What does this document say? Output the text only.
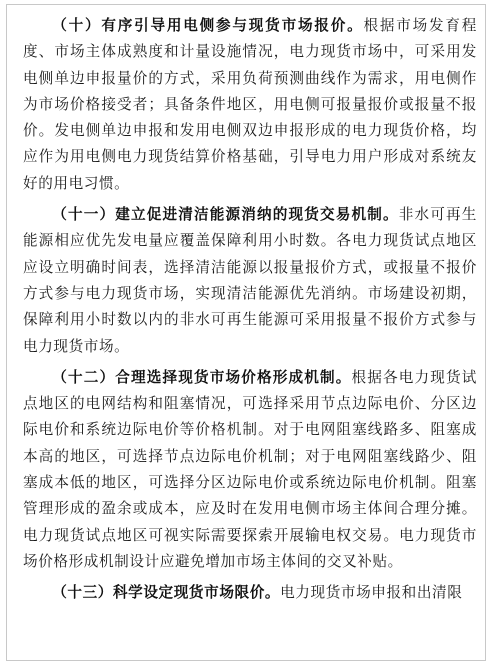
（十）有序引导用电侧参与现货市场报价。根据市场发育程度、市场主体成熟度和计量设施情况，电力现货市场中，可采用发电侧单边申报量价的方式，采用负荷预测曲线作为需求，用电侧作为市场价格接受者；具备条件地区，用电侧可报量报价或报量不报价。发电侧单边申报和发用电侧双边申报形成的电力现货价格，均应作为用电侧电力现货结算价格基础，引导电力用户形成对系统友好的用电习惯。

（十一）建立促进清洁能源消纳的现货交易机制。非水可再生能源相应优先发电量应覆盖保障利用小时数。各电力现货试点地区应设立明确时间表，选择清洁能源以报量报价方式，或报量不报价方式参与电力现货市场，实现清洁能源优先消纳。市场建设初期，保障利用小时数以内的非水可再生能源可采用报量不报价方式参与电力现货市场。

（十二）合理选择现货市场价格形成机制。根据各电力现货试点地区的电网结构和阻塞情况，可选择采用节点边际电价、分区边际电价和系统边际电价等价格机制。对于电网阻塞线路多、阻塞成本高的地区，可选择节点边际电价机制；对于电网阻塞线路少、阻塞成本低的地区，可选择分区边际电价或系统边际电价机制。阻塞管理形成的盈余或成本，应及时在发用电侧市场主体间合理分摊。电力现货试点地区可视实际需要探索开展输电权交易。电力现货市场价格形成机制设计应避免增加市场主体间的交叉补贴。

（十三）科学设定现货市场限价。电力现货市场申报和出清限
